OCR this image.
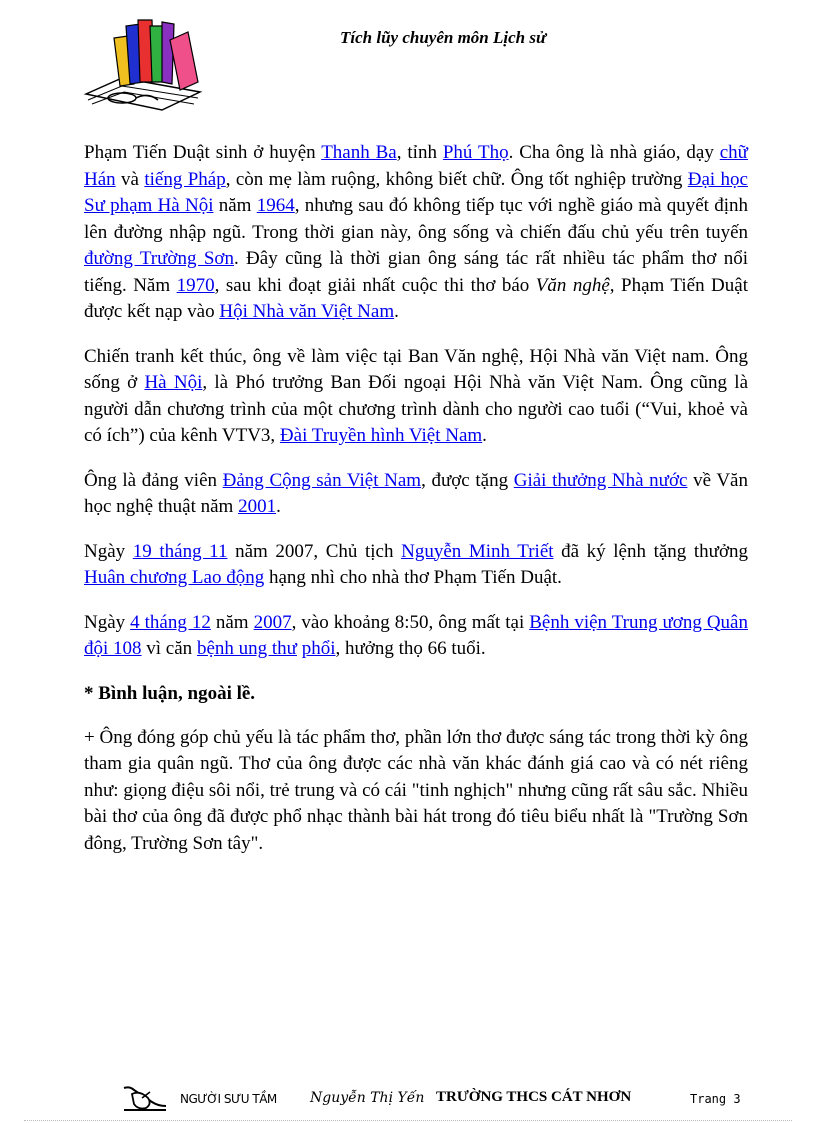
Tích lũy chuyên môn Lịch sử

Phạm Tiến Duật sinh ở huyện Thanh Ba, tỉnh Phú Thọ. Cha ông là nhà giáo, dạy chữ Hán và tiếng Pháp, còn mẹ làm ruộng, không biết chữ. Ông tốt nghiệp trường Đại học Sư phạm Hà Nội năm 1964, nhưng sau đó không tiếp tục với nghề giáo mà quyết định lên đường nhập ngũ. Trong thời gian này, ông sống và chiến đấu chủ yếu trên tuyến đường Trường Sơn. Đây cũng là thời gian ông sáng tác rất nhiều tác phẩm thơ nổi tiếng. Năm 1970, sau khi đoạt giải nhất cuộc thi thơ báo Văn nghệ, Phạm Tiến Duật được kết nạp vào Hội Nhà văn Việt Nam.

Chiến tranh kết thúc, ông về làm việc tại Ban Văn nghệ, Hội Nhà văn Việt nam. Ông sống ở Hà Nội, là Phó trưởng Ban Đối ngoại Hội Nhà văn Việt Nam. Ông cũng là người dẫn chương trình của một chương trình dành cho người cao tuổi (“Vui, khoẻ và có ích”) của kênh VTV3, Đài Truyền hình Việt Nam.

Ông là đảng viên Đảng Cộng sản Việt Nam, được tặng Giải thưởng Nhà nước về Văn học nghệ thuật năm 2001.

Ngày 19 tháng 11 năm 2007, Chủ tịch Nguyễn Minh Triết đã ký lệnh tặng thưởng Huân chương Lao động hạng nhì cho nhà thơ Phạm Tiến Duật.

Ngày 4 tháng 12 năm 2007, vào khoảng 8:50, ông mất tại Bệnh viện Trung ương Quân đội 108 vì căn bệnh ung thư phổi, hưởng thọ 66 tuổi.

* Bình luận, ngoài lề.

+ Ông đóng góp chủ yếu là tác phẩm thơ, phần lớn thơ được sáng tác trong thời kỳ ông tham gia quân ngũ. Thơ của ông được các nhà văn khác đánh giá cao và có nét riêng như: giọng điệu sôi nổi, trẻ trung và có cái "tinh nghịch" nhưng cũng rất sâu sắc. Nhiều bài thơ của ông đã được phổ nhạc thành bài hát trong đó tiêu biểu nhất là "Trường Sơn đông, Trường Sơn tây".

NGƯỜI SƯU TẦM Nguyễn Thị Yến TRƯỜNG THCS CÁT NHƠN	Trang 3
